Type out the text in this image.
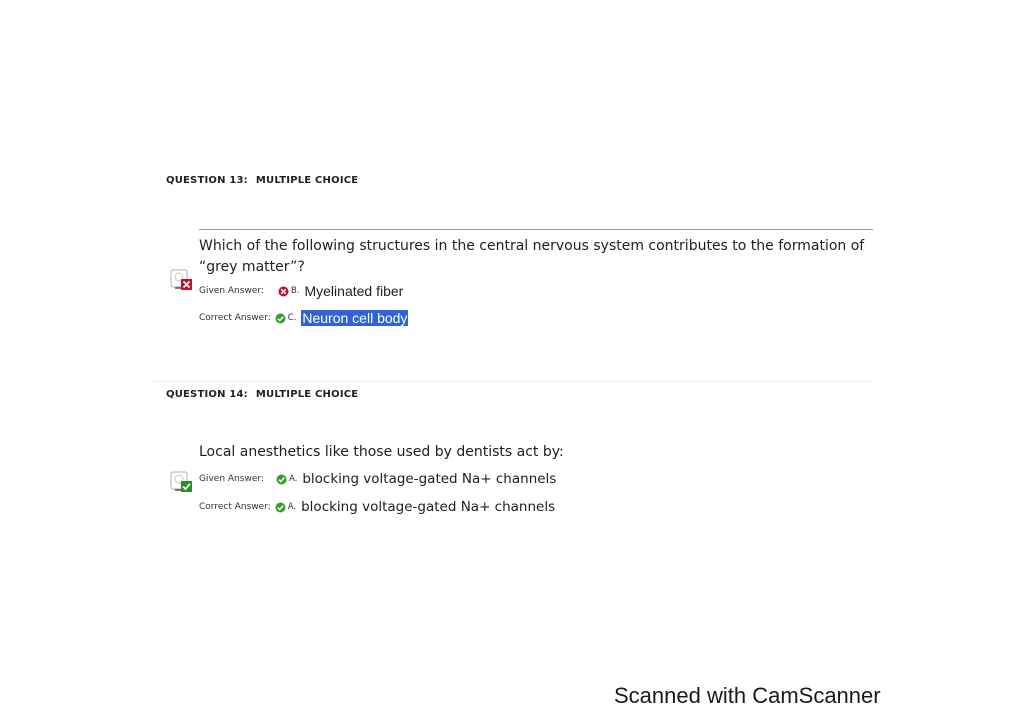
QUESTION 13: MULTIPLE CHOICE
Which of the following structures in the central nervous system contributes to the formation of “grey matter”?
Given Answer:	B. Myelinated fiber
Correct Answer: C. Neuron cell body
QUESTION 14: MULTIPLE CHOICE
Local anesthetics like those used by dentists act by:
Given Answer:	A. blocking voltage-gated Na+ channels
Correct Answer: A. blocking voltage-gated Na+ channels
Scanned with CamScanner
